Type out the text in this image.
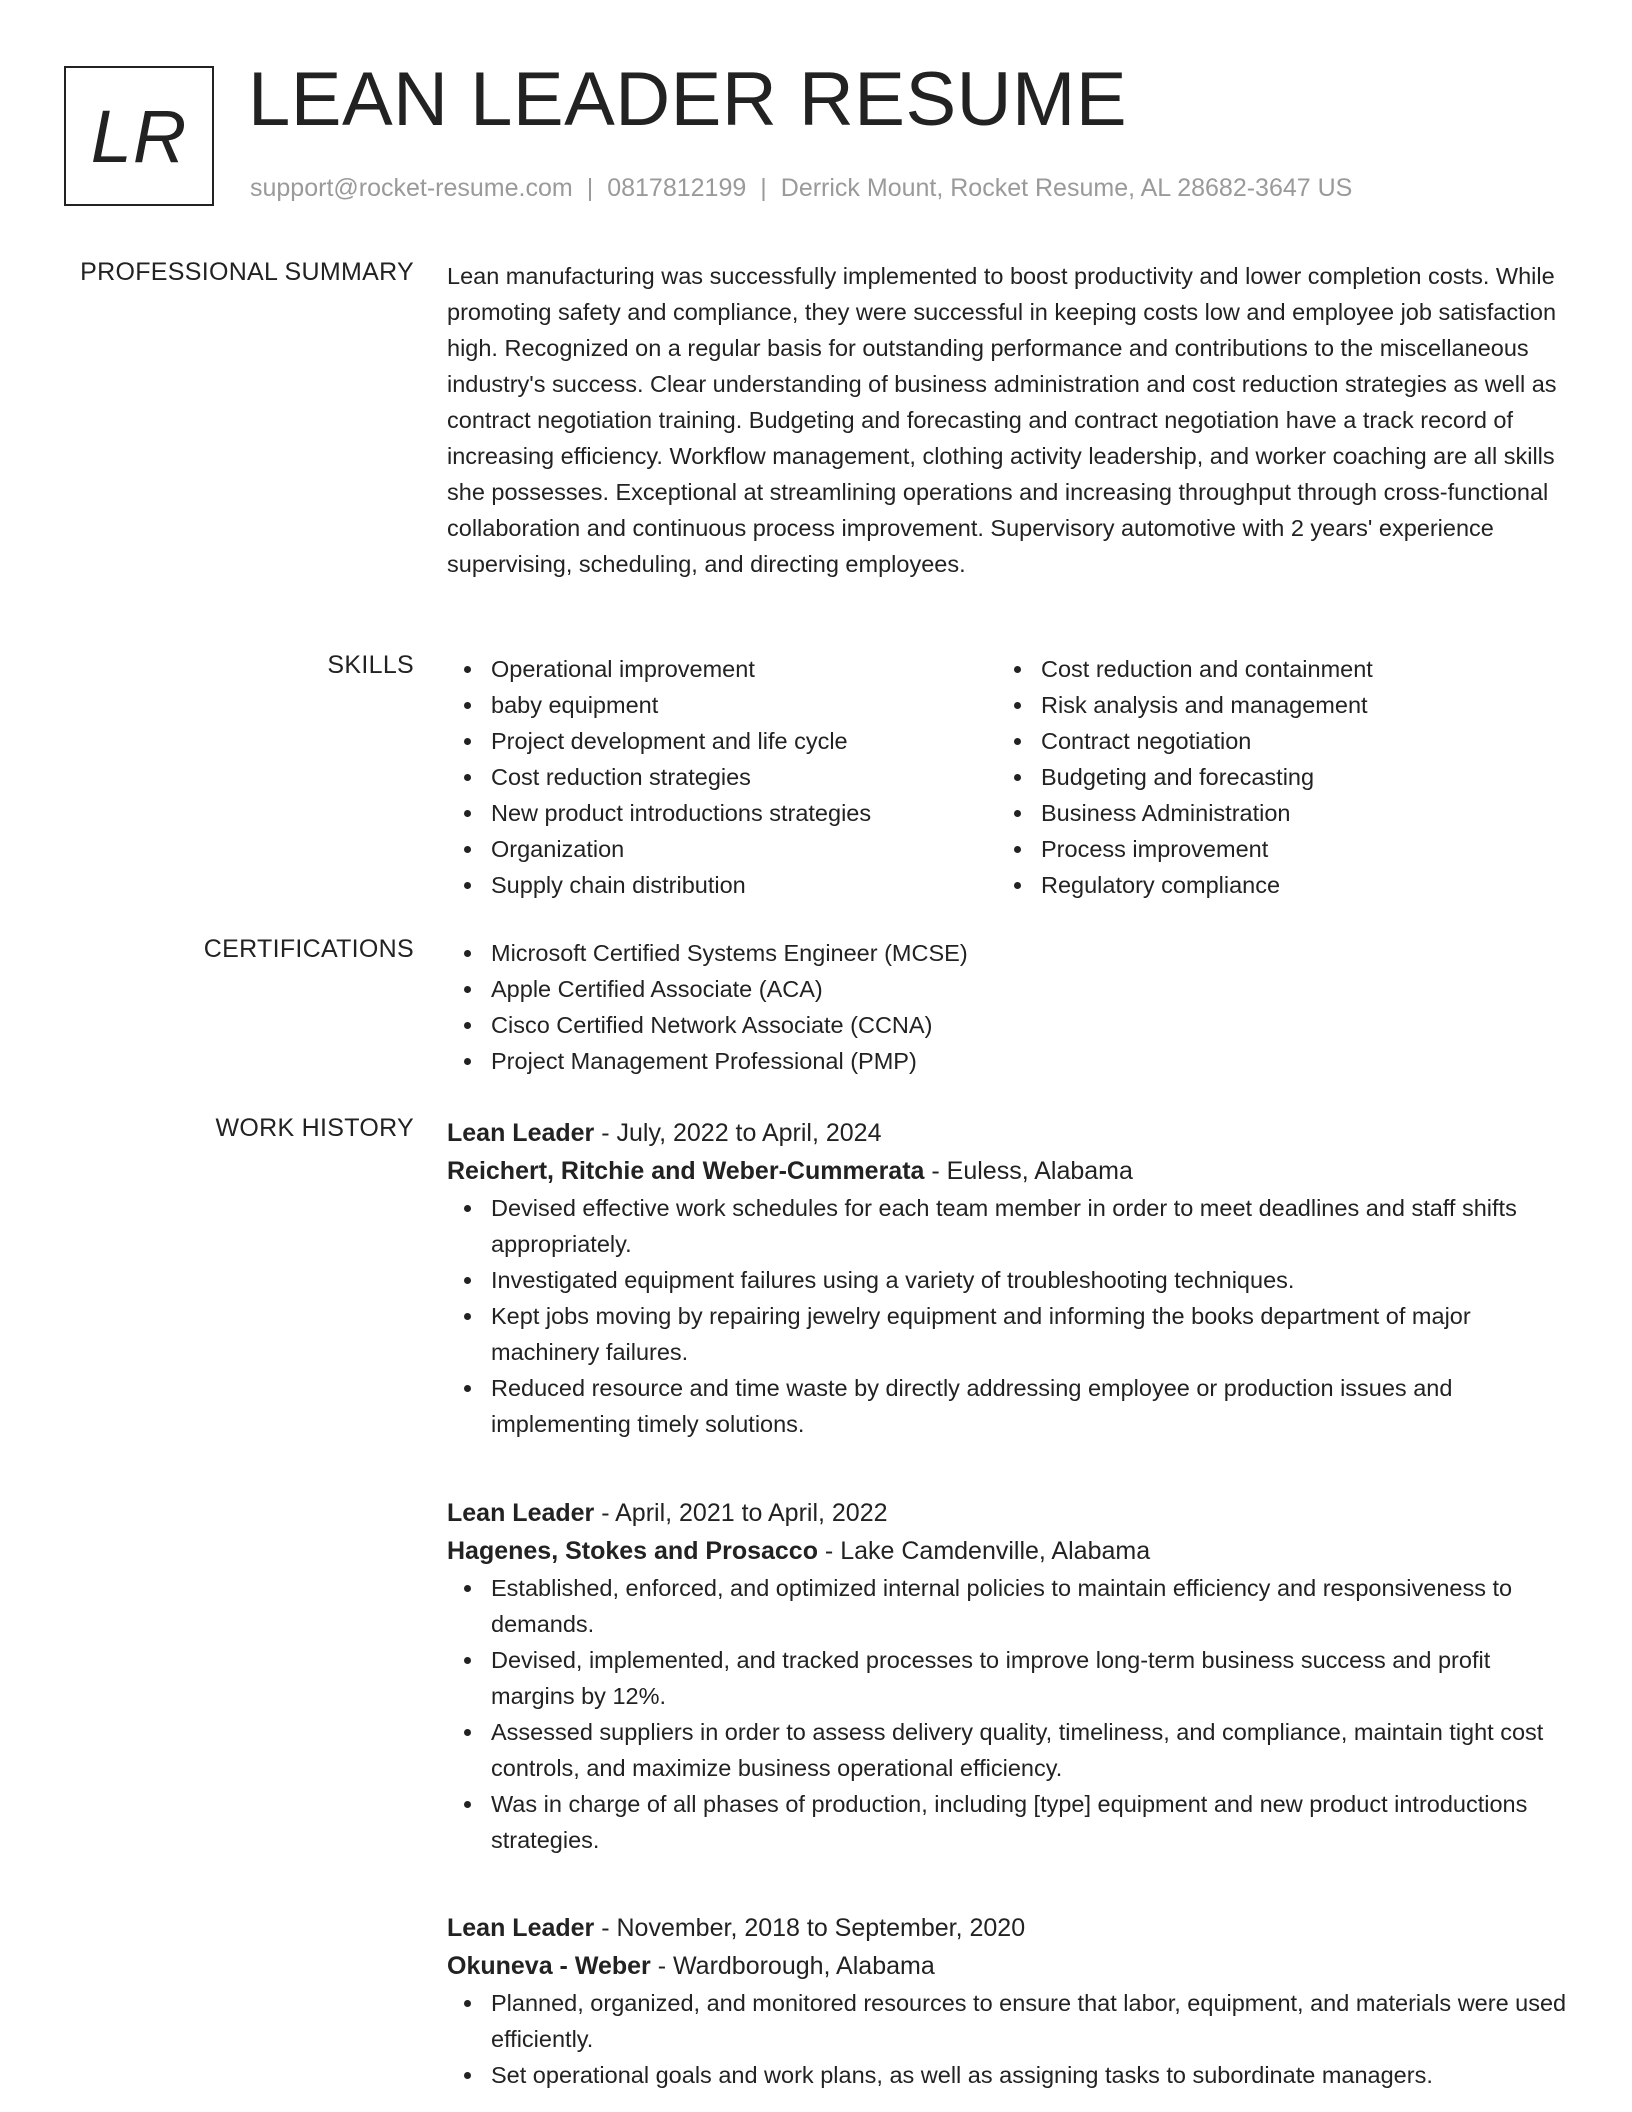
LR LEAN LEADER RESUME
support@rocket-resume.com | 0817812199 | Derrick Mount, Rocket Resume, AL 28682-3647 US
PROFESSIONAL SUMMARY Lean manufacturing was successfully implemented to boost productivity and lower completion costs. While promoting safety and compliance, they were successful in keeping costs low and employee job satisfaction high. Recognized on a regular basis for outstanding performance and contributions to the miscellaneous industry's success. Clear understanding of business administration and cost reduction strategies as well as contract negotiation training. Budgeting and forecasting and contract negotiation have a track record of increasing efficiency. Workflow management, clothing activity leadership, and worker coaching are all skills she possesses. Exceptional at streamlining operations and increasing throughput through cross-functional collaboration and continuous process improvement. Supervisory automotive with 2 years' experience supervising, scheduling, and directing employees.

SKILLS	Operational improvement
baby equipment
Project development and life cycle
Cost reduction strategies
New product introductions strategies
Organization
Supply chain distribution
Cost reduction and containment
Risk analysis and management
Contract negotiation
Budgeting and forecasting
Business Administration
Process improvement
Regulatory compliance
CERTIFICATIONS	Microsoft Certified Systems Engineer (MCSE)
Apple Certified Associate (ACA)
Cisco Certified Network Associate (CCNA)
Project Management Professional (PMP)
WORK HISTORY Lean Leader - July, 2022 to April, 2024
Reichert, Ritchie and Weber-Cummerata - Euless, Alabama
Devised effective work schedules for each team member in order to meet deadlines and staff shifts appropriately.
Investigated equipment failures using a variety of troubleshooting techniques.
Kept jobs moving by repairing jewelry equipment and informing the books department of major machinery failures.
Reduced resource and time waste by directly addressing employee or production issues and implementing timely solutions.
Lean Leader - April, 2021 to April, 2022
Hagenes, Stokes and Prosacco - Lake Camdenville, Alabama
Established, enforced, and optimized internal policies to maintain efficiency and responsiveness to demands.
Devised, implemented, and tracked processes to improve long-term business success and profit margins by 12%.
Assessed suppliers in order to assess delivery quality, timeliness, and compliance, maintain tight cost controls, and maximize business operational efficiency.
Was in charge of all phases of production, including [type] equipment and new product introductions strategies.
Lean Leader - November, 2018 to September, 2020
Okuneva - Weber - Wardborough, Alabama
Planned, organized, and monitored resources to ensure that labor, equipment, and materials were used efficiently.
Set operational goals and work plans, as well as assigning tasks to subordinate managers.
